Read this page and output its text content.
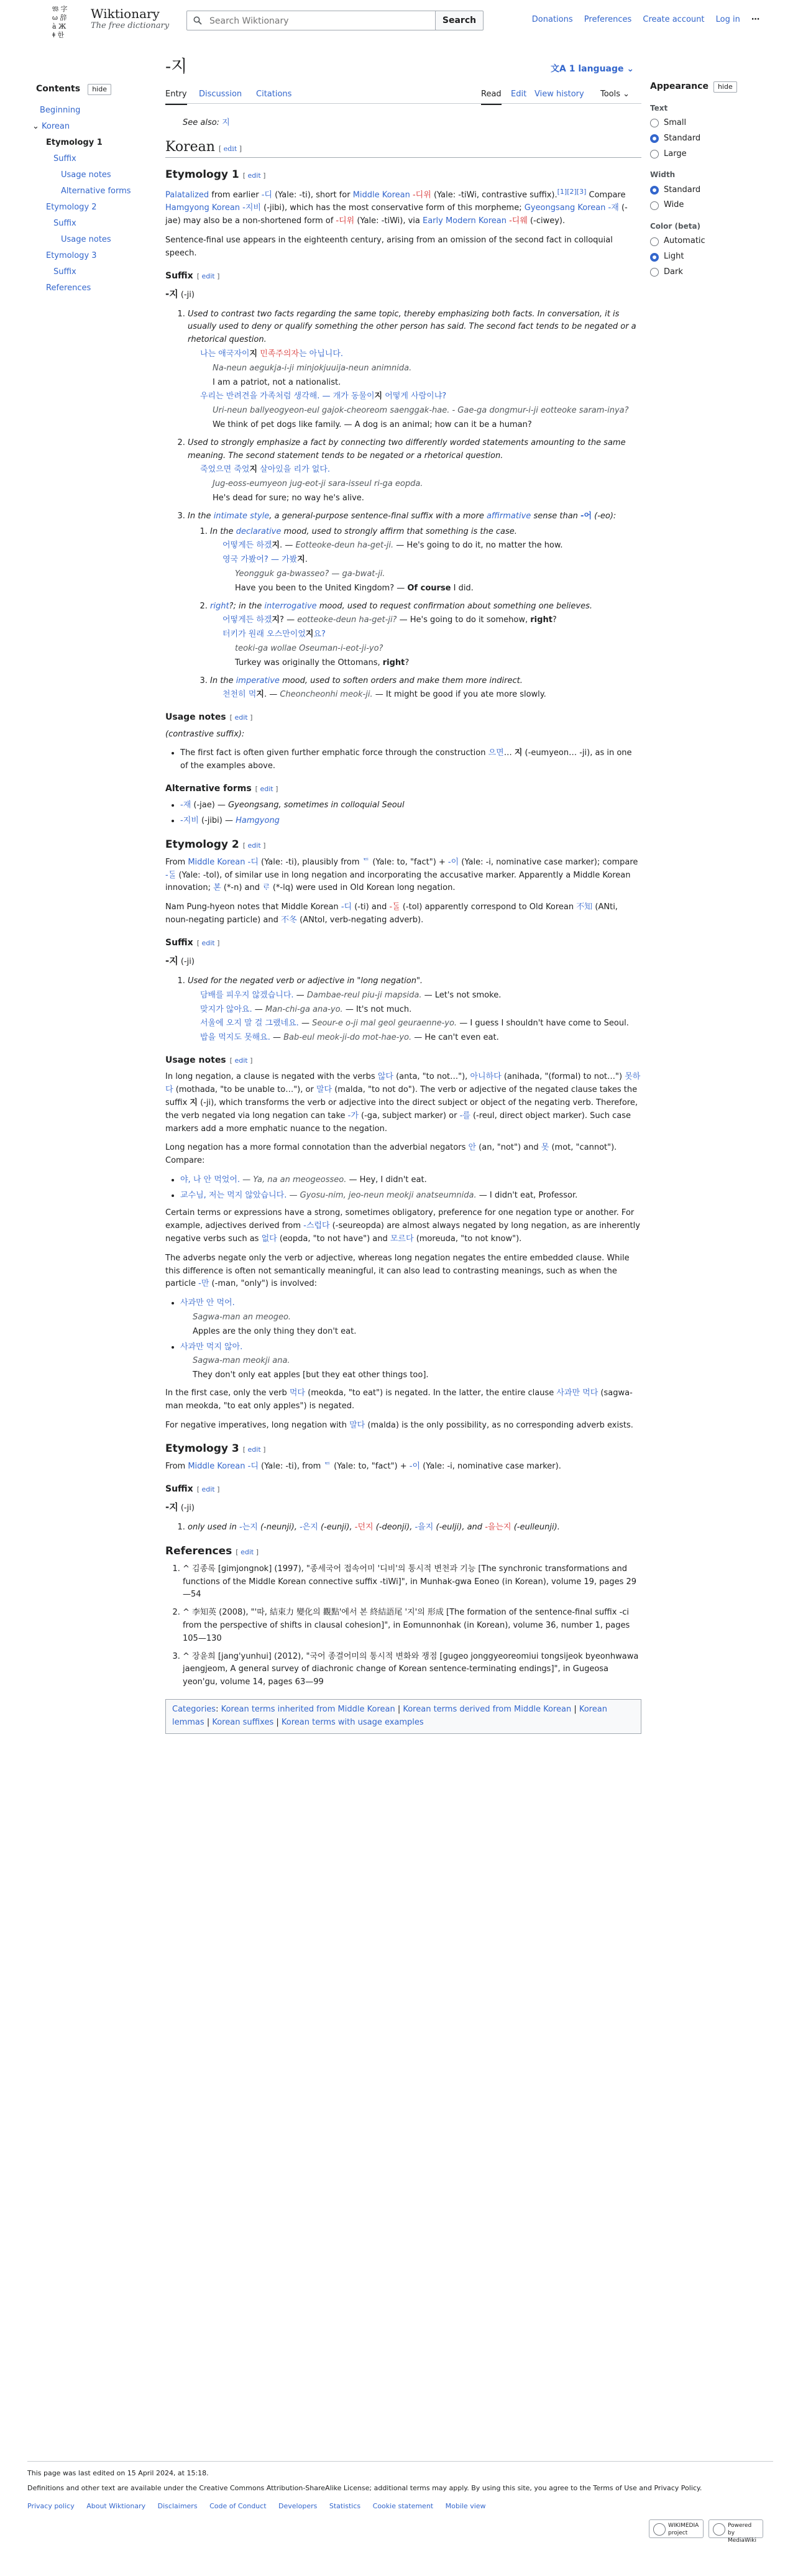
𝔚 字
ω 辞
à Ж
ǂ 한
Wiktionary
The free dictionary
Search Wiktionary
Search	Donations Preferences Create account Log in ⋯
Contents hide
Beginning
⌄ Korean
Etymology 1
Suffix
Usage notes
Alternative forms
Etymology 2
Suffix
Usage notes
Etymology 3
Suffix
References
-지	文A 1 language ⌄
Entry Discussion Citations	Read Edit View history Tools ⌄
See also: 지
Korean [ edit ]
Etymology 1 [ edit ]

Palatalized from earlier -디 (Yale: -ti), short for Middle Korean -디위 (Yale: -tiWi, contrastive suffix).[1][2][3] Compare Hamgyong Korean -지비 (-jibi), which has the most conservative form of this morpheme; Gyeongsang Korean -재 (-jae) may also be a non-shortened form of -디위 (Yale: -tiWi), via Early Modern Korean -디웨 (-ciwey).

Sentence-final use appears in the eighteenth century, arising from an omission of the second fact in colloquial speech.

Suffix [ edit ]

-지 (-ji)

1. Used to contrast two facts regarding the same topic, thereby emphasizing both facts. In conversation, it is usually used to deny or qualify something the other person has said. The second fact tends to be negated or a rhetorical question.
나는 애국자이지 민족주의자는 아닙니다.
Na-neun aegukja-i-ji minjokjuuija-neun animnida.
I am a patriot, not a nationalist.
우리는 반려견을 가족처럼 생각해. — 개가 동물이지 어떻게 사람이냐?
Uri-neun ballyeogyeon-eul gajok-cheoreom saenggak-hae. - Gae-ga dongmur-i-ji eotteoke saram-inya?
We think of pet dogs like family. — A dog is an animal; how can it be a human?
2. Used to strongly emphasize a fact by connecting two differently worded statements amounting to the same meaning. The second statement tends to be negated or a rhetorical question.
죽었으면 죽었지 살아있을 리가 없다.
Jug-eoss-eumyeon jug-eot-ji sara-isseul ri-ga eopda.
He's dead for sure; no way he's alive.
3. In the intimate style, a general-purpose sentence-final suffix with a more affirmative sense than -어 (-eo):
1. In the declarative mood, used to strongly affirm that something is the case.
어떻게든 하겠지. — Eotteoke-deun ha-get-ji. — He's going to do it, no matter the how.
영국 가봤어? — 가봤지.
Yeongguk ga-bwasseo? — ga-bwat-ji.
Have you been to the United Kingdom? — Of course I did.
2. right?; in the interrogative mood, used to request confirmation about something one believes.
어떻게든 하겠지? — eotteoke-deun ha-get-ji? — He's going to do it somehow, right?
터키가 원래 오스만이었지요?
teoki-ga wollae Oseuman-i-eot-ji-yo?
Turkey was originally the Ottomans, right?
3. In the imperative mood, used to soften orders and make them more indirect.
천천히 먹지. — Cheoncheonhi meok-ji. — It might be good if you ate more slowly.
Usage notes [ edit ]

(contrastive suffix):

• The first fact is often given further emphatic force through the construction 으면… 지 (-eumyeon… -ji), as in one of the examples above.
Alternative forms [ edit ]
• -재 (-jae) — Gyeongsang, sometimes in colloquial Seoul
• -지비 (-jibi) — Hamgyong
Etymology 2 [ edit ]

From Middle Korean -디 (Yale: -ti), plausibly from ᄃ (Yale: to, "fact") + -이 (Yale: -i, nominative case marker); compare -ᄃᆞᆯ (Yale: -tol), of similar use in long negation and incorporating the accusative marker. Apparently a Middle Korean innovation; ᄫᅳᆫ (*-n) and ᄅᆞ (*-lq) were used in Old Korean long negation.

Nam Pung-hyeon notes that Middle Korean -디 (-ti) and -ᄃᆞᆯ (-tol) apparently correspond to Old Korean 不知 (ANti, noun-negating particle) and 不冬 (ANtol, verb-negating adverb).

Suffix [ edit ]

-지 (-ji)

1. Used for the negated verb or adjective in "long negation".
담배를 피우지 않겠습니다. — Dambae-reul piu-ji mapsida. — Let's not smoke.
맞지가 않아요. — Man-chi-ga ana-yo. — It's not much.
서울에 오지 말 걸 그랬네요. — Seour-e o-ji mal geol geuraenne-yo. — I guess I shouldn't have come to Seoul.
밥을 먹지도 못해요. — Bab-eul meok-ji-do mot-hae-yo. — He can't even eat.
Usage notes [ edit ]

In long negation, a clause is negated with the verbs 않다 (anta, "to not…"), 아니하다 (anihada, "(formal) to not…") 못하다 (mothada, "to be unable to…"), or 말다 (malda, "to not do"). The verb or adjective of the negated clause takes the suffix 지 (-ji), which transforms the verb or adjective into the direct subject or object of the negating verb. Therefore, the verb negated via long negation can take -가 (-ga, subject marker) or -를 (-reul, direct object marker). Such case markers add a more emphatic nuance to the negation.

Long negation has a more formal connotation than the adverbial negators 안 (an, "not") and 못 (mot, "cannot"). Compare:

• 야, 나 안 먹었어. — Ya, na an meogeosseo. — Hey, I didn't eat.
• 교수님, 저는 먹지 않았습니다. — Gyosu-nim, jeo-neun meokji anatseumnida. — I didn't eat, Professor.

Certain terms or expressions have a strong, sometimes obligatory, preference for one negation type or another. For example, adjectives derived from -스럽다 (-seureopda) are almost always negated by long negation, as are inherently negative verbs such as 없다 (eopda, "to not have") and 모르다 (moreuda, "to not know").

The adverbs negate only the verb or adjective, whereas long negation negates the entire embedded clause. While this difference is often not semantically meaningful, it can also lead to contrasting meanings, such as when the particle -만 (-man, "only") is involved:

• 사과만 안 먹어.
Sagwa-man an meogeo.
Apples are the only thing they don't eat.
• 사과만 먹지 않아.
Sagwa-man meokji ana.
They don't only eat apples [but they eat other things too].

In the first case, only the verb 먹다 (meokda, "to eat") is negated. In the latter, the entire clause 사과만 먹다 (sagwa-man meokda, "to eat only apples") is negated.

For negative imperatives, long negation with 말다 (malda) is the only possibility, as no corresponding adverb exists.

Etymology 3 [ edit ]

From Middle Korean -디 (Yale: -ti), from ᄃ (Yale: to, "fact") + -이 (Yale: -i, nominative case marker).

Suffix [ edit ]

-지 (-ji)

1. only used in -는지 (-neunji), -은지 (-eunji), -던지 (-deonji), -을지 (-eulji), and -을는지 (-eulleunji).
References [ edit ]
1. ^ 김종록 [gimjongnok] (1997), "종세국어 접속어미 '디비'의 통시적 변천과 기능 [The synchronic transformations and functions of the Middle Korean connective suffix -tiWi]", in Munhak-gwa Eoneo (in Korean), volume 19, pages 29—54
2. ^ 李知英 (2008), "'따, 結束力 變化의 觀點'에서 본 終結語尾 '지'의 形成 [The formation of the sentence-final suffix -ci from the perspective of shifts in clausal cohesion]", in Eomunnonhak (in Korean), volume 36, number 1, pages 105—130
3. ^ 장윤희 [jang'yunhui] (2012), "국어 종결어미의 통시적 변화와 쟁점 [gugeo jonggyeoreomiui tongsijeok byeonhwawa jaengjeom, A general survey of diachronic change of Korean sentence-terminating endings]", in Gugeosa yeon'gu, volume 14, pages 63—99
Categories: Korean terms inherited from Middle Korean | Korean terms derived from Middle Korean | Korean lemmas | Korean suffixes | Korean terms with usage examples
Appearance hide
Text
Small
Standard
Large
Width
Standard
Wide
Color (beta)
Automatic
Light
Dark
This page was last edited on 15 April 2024, at 15:18.
Definitions and other text are available under the Creative Commons Attribution-ShareAlike License; additional terms may apply. By using this site, you agree to the Terms of Use and Privacy Policy.
Privacy policy About Wiktionary Disclaimers Code of Conduct Developers Statistics Cookie statement Mobile view
WIKIMEDIA project
Powered by MediaWiki
